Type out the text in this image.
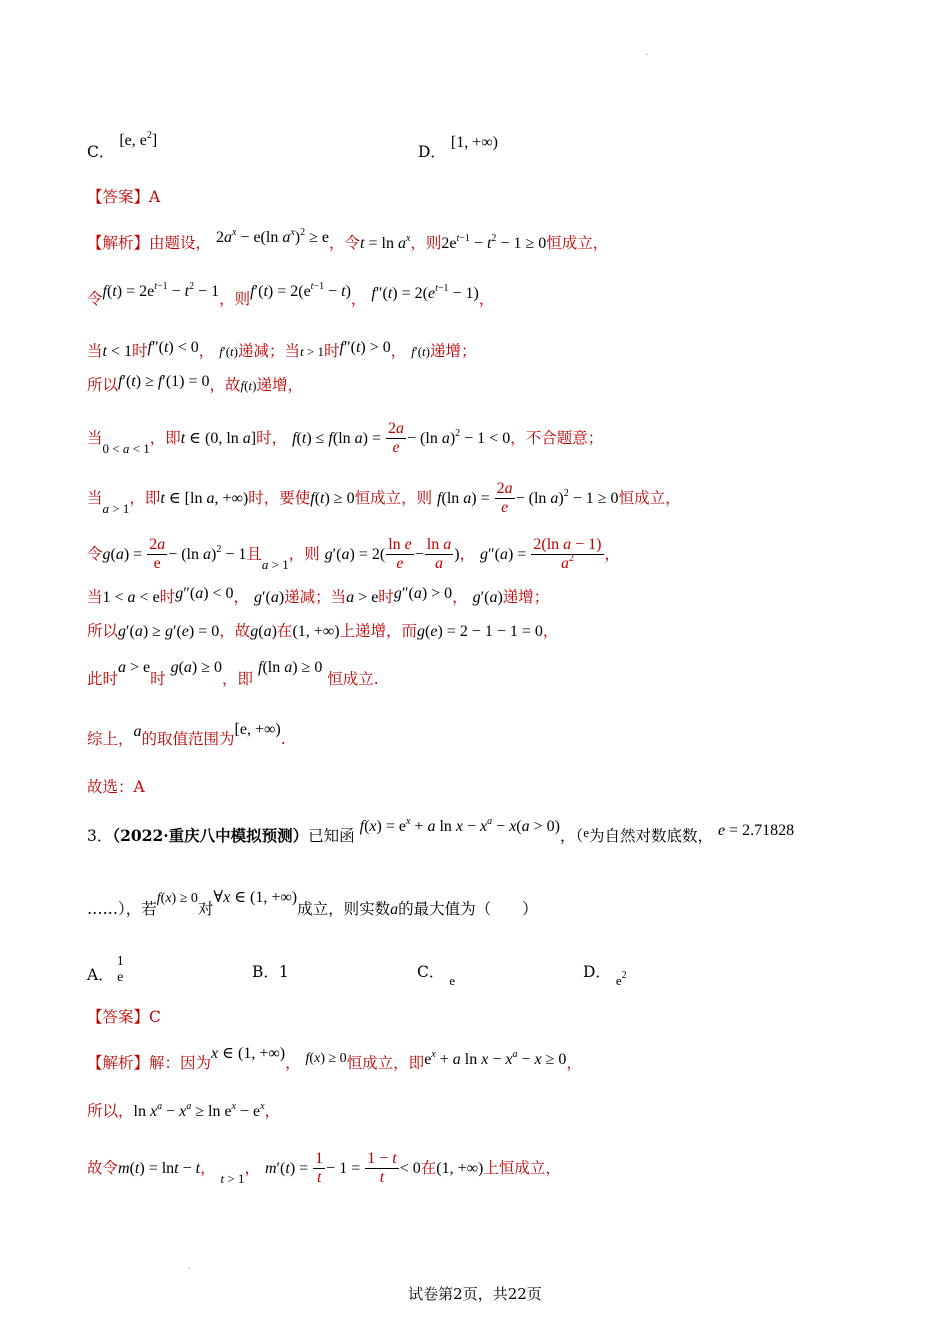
.
.
C． [e, $e^2$]
D． [1, +∞)
【答案】A
【解析】由题设， $2a^x - e(\ln$ $a^x)^2 \ge e$，令$t = \ln a^x$，则$2e^{t-1} - t^2 - 1 \ge 0$恒成立，
令$f(t) = 2e^{t-1} - t^2 - 1$，则$f'(t) = 2(e^{t-1} - t)$， $f''(t) = 2(e^{t-1} - 1)$，
当t < 1时f″(t) < 0， f′(t)递减；当t > 1时f″(t) > 0， f′(t)递增；
所以f′(t) ≥ f′(1) = 0，故f(t)递增，
当$_{0 < a < 1}$，即t ∈ (0, ln a]时， f(t) ≤ f(ln $a) = \frac{2a}{e} - (\ln$ a)$^2$ − 1 < 0，不合题意；
当$_{a > 1}$，即t ∈ [ln a, +∞)时，要使f(t) ≥ 0恒成立，则 f(ln $a) = \frac{2a}{e} - (\ln$ a)$^2$ − 1 ≥ 0恒成立，
令$g(a) = \frac{2a}{e} - (\ln$ a)$^2$ − 1且$_{a > 1}$，则 $g'(a) = 2( \frac{\text{ln e}}{e} - \frac{\text{ln a}}{a}$ )， $g''(a) = \frac{\text{2(ln a − 1)}}{a^2}$ ，
当1 < a < e时g″(a) < 0， g′(a)递减；当a > e时g″(a) > 0， g′(a)递增；
所以g′(a) ≥ g′(e) = 0，故g(a)在(1, +∞)上递增，而g(e) = 2 − 1 − 1 = 0，
此时a > e时 g(a) ≥ 0，即 f(ln a) ≥ 0 恒成立.
综上，a的取值范围为[e, +∞).
故选：A
3．（2022·重庆八中模拟预测）已知函 $f(x) = e^x + a$ $\ln x - x^a - x(a > 0)$，（$^e$为自然对数底数， e = 2.71828
……），若f(x) ≥ 0对∀x ∈ (1, +∞)成立，则实数a的最大值为（　　）
A．
1
e	B．1	C． $_e$	D． $_{e^2}$
【答案】C
【解析】解：因为x ∈ (1, +∞)， f(x) ≥ 0恒成立，即$e^x + a$ $\ln x - x^a - x \ge 0$，
所以，$\ln x^a - x^a \ge \ln e^x - e^x$，
故令m(t) = lnt − t， $_{t > 1}$， $m'(t) = \frac{1}{t} - 1 = \frac{1 - t}{t} < 0$在(1, +∞)上恒成立，
试卷第2页，共22页
